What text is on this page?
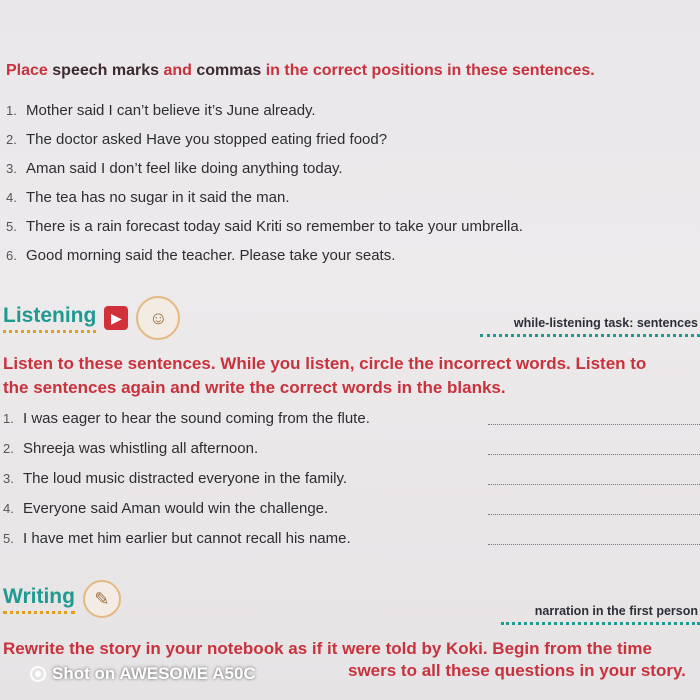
Place speech marks and commas in the correct positions in these sentences.
1. Mother said I can’t believe it’s June already.
2. The doctor asked Have you stopped eating fried food?
3. Aman said I don’t feel like doing anything today.
4. The tea has no sugar in it said the man.
5. There is a rain forecast today said Kriti so remember to take your umbrella.
6. Good morning said the teacher. Please take your seats.
Listening	▶	☺	while-listening task: sentences
Listen to these sentences. While you listen, circle the incorrect words. Listen to
the sentences again and write the correct words in the blanks.
1. I was eager to hear the sound coming from the flute.
2. Shreeja was whistling all afternoon.
3. The loud music distracted everyone in the family.
4. Everyone said Aman would win the challenge.
5. I have met him earlier but cannot recall his name.
Writing	✎
narration in the first person
Rewrite the story in your notebook as if it were told by Koki. Begin from the time
swers to all these questions in your story.
Shot on AWESOME A50C
